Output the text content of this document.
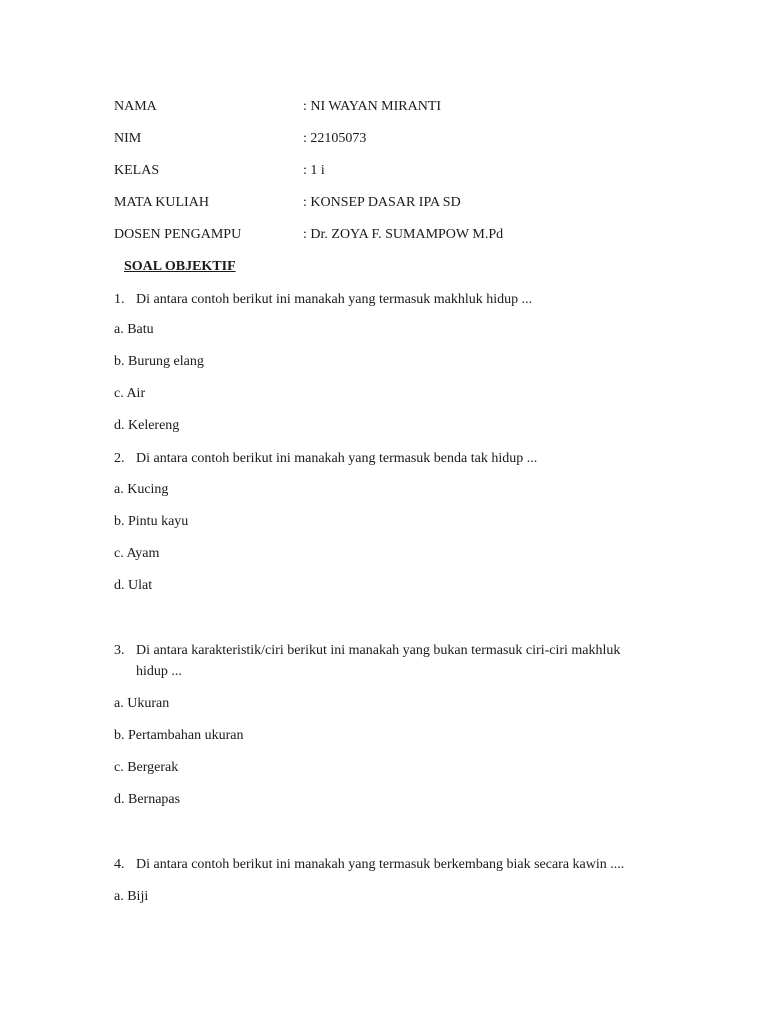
NAMA	: NI WAYAN MIRANTI
NIM	: 22105073
KELAS	: 1 i
MATA KULIAH	: KONSEP DASAR IPA SD
DOSEN PENGAMPU	: Dr. ZOYA F. SUMAMPOW M.Pd
SOAL OBJEKTIF
1. Di antara contoh berikut ini manakah yang termasuk makhluk hidup ...
a. Batu
b. Burung elang
c. Air
d. Kelereng
2. Di antara contoh berikut ini manakah yang termasuk benda tak hidup ...
a. Kucing
b. Pintu kayu
c. Ayam
d. Ulat
3. Di antara karakteristik/ciri berikut ini manakah yang bukan termasuk ciri-ciri makhluk
hidup ...
a. Ukuran
b. Pertambahan ukuran
c. Bergerak
d. Bernapas
4. Di antara contoh berikut ini manakah yang termasuk berkembang biak secara kawin ....
a. Biji
